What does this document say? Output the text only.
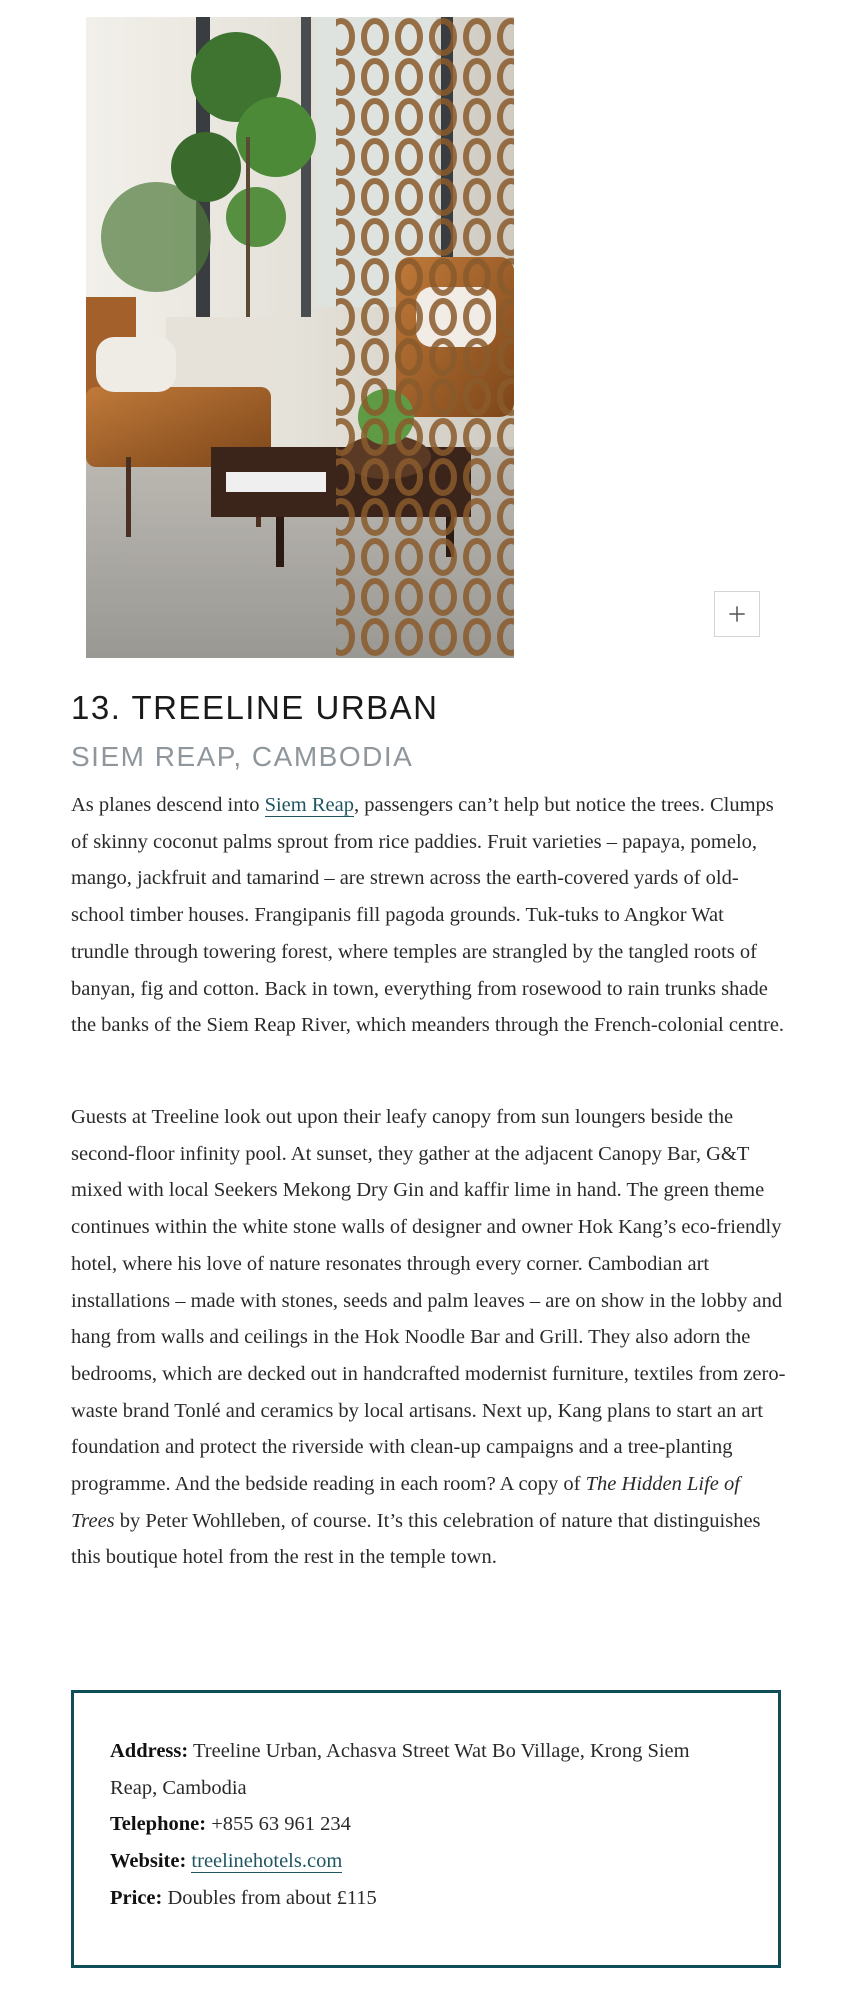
13. TREELINE URBAN
SIEM REAP, CAMBODIA

As planes descend into Siem Reap, passengers can’t help but notice the trees. Clumps of skinny coconut palms sprout from rice paddies. Fruit varieties – papaya, pomelo, mango, jackfruit and tamarind – are strewn across the earth-covered yards of old-school timber houses. Frangipanis fill pagoda grounds. Tuk-tuks to Angkor Wat trundle through towering forest, where temples are strangled by the tangled roots of banyan, fig and cotton. Back in town, everything from rosewood to rain trunks shade the banks of the Siem Reap River, which meanders through the French-colonial centre.

Guests at Treeline look out upon their leafy canopy from sun loungers beside the second-floor infinity pool. At sunset, they gather at the adjacent Canopy Bar, G&T mixed with local Seekers Mekong Dry Gin and kaffir lime in hand. The green theme continues within the white stone walls of designer and owner Hok Kang’s eco-friendly hotel, where his love of nature resonates through every corner. Cambodian art installations – made with stones, seeds and palm leaves – are on show in the lobby and hang from walls and ceilings in the Hok Noodle Bar and Grill. They also adorn the bedrooms, which are decked out in handcrafted modernist furniture, textiles from zero-waste brand Tonlé and ceramics by local artisans. Next up, Kang plans to start an art foundation and protect the riverside with clean-up campaigns and a tree-planting programme. And the bedside reading in each room? A copy of The Hidden Life of Trees by Peter Wohlleben, of course. It’s this celebration of nature that distinguishes this boutique hotel from the rest in the temple town.

Address: Treeline Urban, Achasva Street Wat Bo Village, Krong Siem Reap, Cambodia

Telephone: +855 63 961 234

Website: treelinehotels.com

Price: Doubles from about £115
